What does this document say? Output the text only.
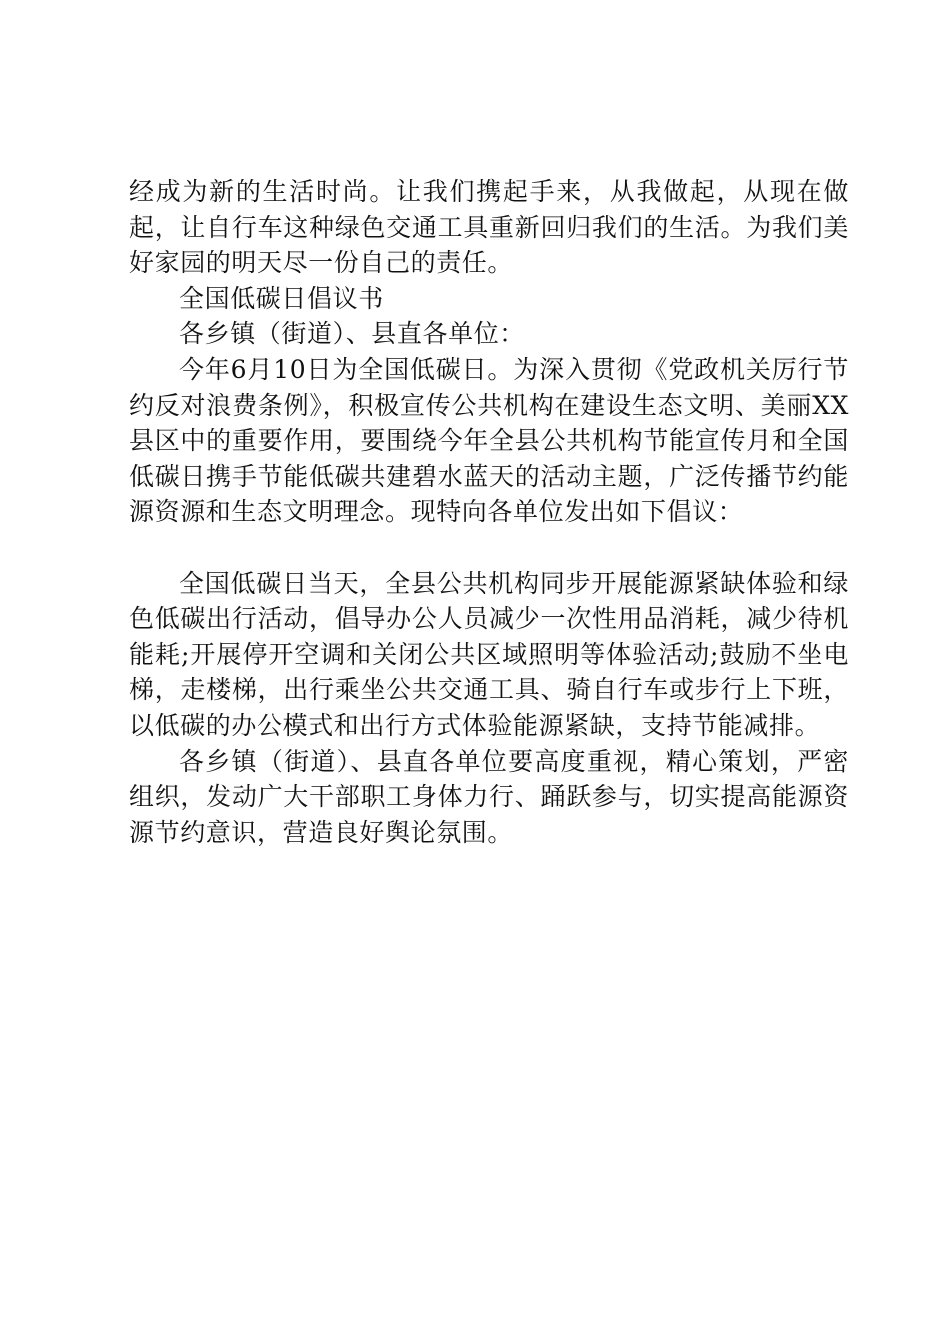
经成为新的生活时尚。让我们携起手来，从我做起，从现在做起，让自行车这种绿色交通工具重新回归我们的生活。为我们美好家园的明天尽一份自己的责任。

全国低碳日倡议书

各乡镇（街道）、县直各单位：

今年6月10日为全国低碳日。为深入贯彻《党政机关厉行节约反对浪费条例》，积极宣传公共机构在建设生态文明、美丽XX县区中的重要作用，要围绕今年全县公共机构节能宣传月和全国低碳日携手节能低碳共建碧水蓝天的活动主题，广泛传播节约能源资源和生态文明理念。现特向各单位发出如下倡议：

全国低碳日当天，全县公共机构同步开展能源紧缺体验和绿色低碳出行活动，倡导办公人员减少一次性用品消耗，减少待机能耗;开展停开空调和关闭公共区域照明等体验活动;鼓励不坐电梯，走楼梯，出行乘坐公共交通工具、骑自行车或步行上下班，以低碳的办公模式和出行方式体验能源紧缺，支持节能减排。

各乡镇（街道）、县直各单位要高度重视，精心策划，严密组织，发动广大干部职工身体力行、踊跃参与，切实提高能源资源节约意识，营造良好舆论氛围。
